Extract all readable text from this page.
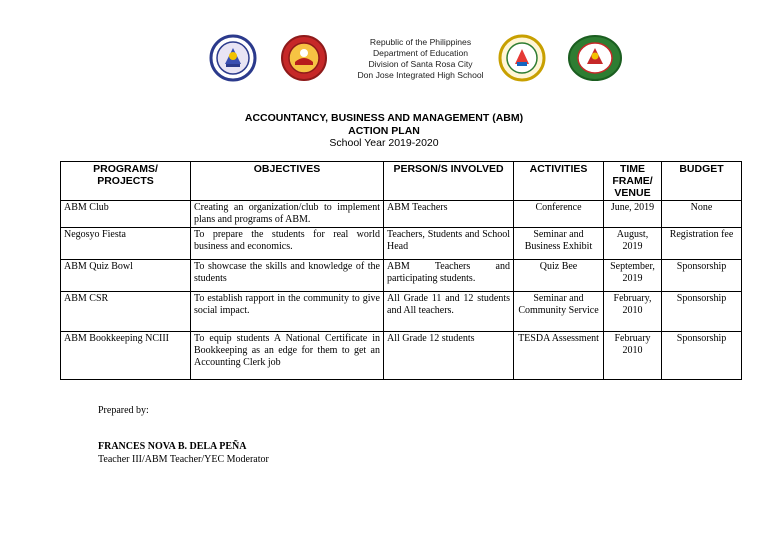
Republic of the Philippines
Department of Education
Division of Santa Rosa City
Don Jose Integrated High School
ACCOUNTANCY, BUSINESS AND MANAGEMENT (ABM)
ACTION PLAN
School Year 2019-2020
PROGRAMS/ PROJECTS	OBJECTIVES	PERSON/S INVOLVED	ACTIVITIES	TIME FRAME/ VENUE	BUDGET
ABM Club	Creating an organization/club to implement plans and programs of ABM.	ABM Teachers	Conference	June, 2019	None
Negosyo Fiesta	To prepare the students for real world business and economics.	Teachers, Students and School Head	Seminar and Business Exhibit	August, 2019	Registration fee
ABM Quiz Bowl	To showcase the skills and knowledge of the students	ABM Teachers and participating students.	Quiz Bee	September, 2019	Sponsorship
ABM CSR	To establish rapport in the community to give social impact.	All Grade 11 and 12 students and All teachers.	Seminar and Community Service	February, 2010	Sponsorship
ABM Bookkeeping NCIII	To equip students A National Certificate in Bookkeeping as an edge for them to get an Accounting Clerk job	All Grade 12 students	TESDA Assessment	February 2010	Sponsorship
Prepared by:
FRANCES NOVA B. DELA PEÑA
Teacher III/ABM Teacher/YEC Moderator
